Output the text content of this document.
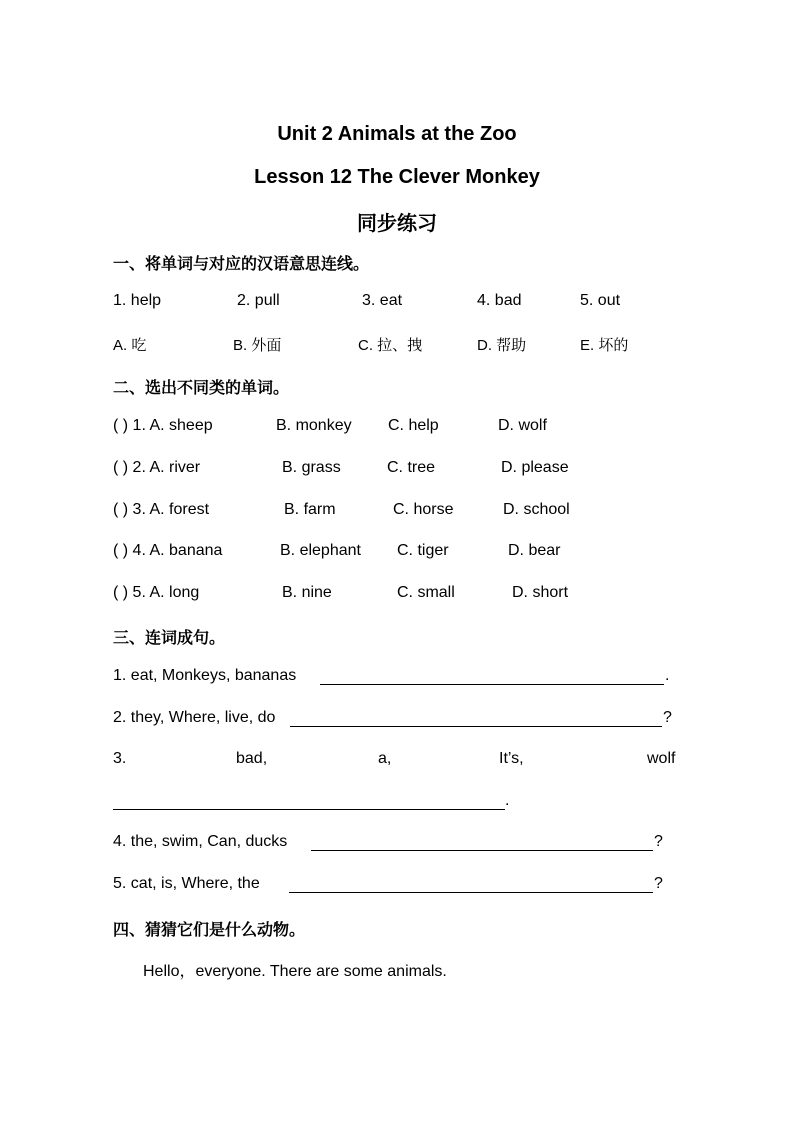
Unit 2 Animals at the Zoo
Lesson 12 The Clever Monkey
同步练习
一、将单词与对应的汉语意思连线。
1. help	2. pull	3. eat	4. bad	5. out
A. 吃	B. 外面	C. 拉、拽	D. 帮助	E. 坏的
二、选出不同类的单词。
( ) 1. A. sheep	B. monkey C. help	D. wolf
( ) 2. A. river	B. grass	C. tree	D. please
( ) 3. A. forest	B. farm	C. horse	D. school
( ) 4. A. banana	B. elephant C. tiger	D. bear
( ) 5. A. long	B. nine	C. small	D. short
三、连词成句。
1. eat, Monkeys, bananas	.
2. they, Where, live, do	?
3.	bad,	a,	It’s,	wolf
.
4. the, swim, Can, ducks	?
5. cat, is, Where, the	?
四、猜猜它们是什么动物。
Hello，everyone. There are some animals.
